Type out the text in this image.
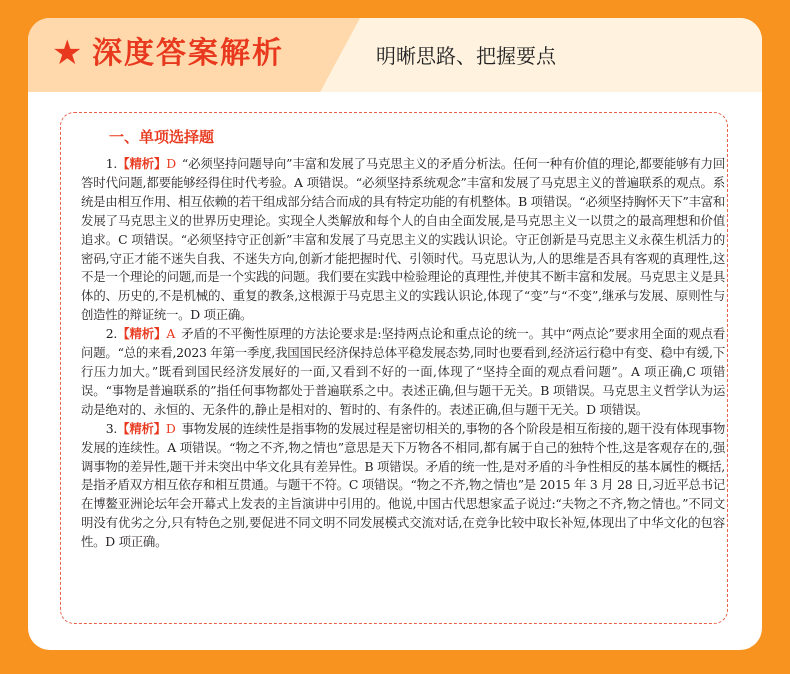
★ 深度答案解析	明晰思路、把握要点
一、单项选择题

1.【精析】D  “必须坚持问题导向”丰富和发展了马克思主义的矛盾分析法。任何一种有价值的理论,都要能够有力回答时代问题,都要能够经得住时代考验。A 项错误。“必须坚持系统观念”丰富和发展了马克思主义的普遍联系的观点。系统是由相互作用、相互依赖的若干组成部分结合而成的具有特定功能的有机整体。B 项错误。“必须坚持胸怀天下”丰富和发展了马克思主义的世界历史理论。实现全人类解放和每个人的自由全面发展,是马克思主义一以贯之的最高理想和价值追求。C 项错误。“必须坚持守正创新”丰富和发展了马克思主义的实践认识论。守正创新是马克思主义永葆生机活力的密码,守正才能不迷失自我、不迷失方向,创新才能把握时代、引领时代。马克思认为,人的思维是否具有客观的真理性,这不是一个理论的问题,而是一个实践的问题。我们要在实践中检验理论的真理性,并使其不断丰富和发展。马克思主义是具体的、历史的,不是机械的、重复的教条,这根源于马克思主义的实践认识论,体现了“变”与“不变”,继承与发展、原则性与创造性的辩证统一。D 项正确。

2.【精析】A  矛盾的不平衡性原理的方法论要求是:坚持两点论和重点论的统一。其中“两点论”要求用全面的观点看问题。“总的来看,2023 年第一季度,我国国民经济保持总体平稳发展态势,同时也要看到,经济运行稳中有变、稳中有缓,下行压力加大。”既看到国民经济发展好的一面,又看到不好的一面,体现了“坚持全面的观点看问题”。A 项正确,C 项错误。“事物是普遍联系的”指任何事物都处于普遍联系之中。表述正确,但与题干无关。B 项错误。马克思主义哲学认为运动是绝对的、永恒的、无条件的,静止是相对的、暂时的、有条件的。表述正确,但与题干无关。D 项错误。

3.【精析】D  事物发展的连续性是指事物的发展过程是密切相关的,事物的各个阶段是相互衔接的,题干没有体现事物发展的连续性。A 项错误。“物之不齐,物之情也”意思是天下万物各不相同,都有属于自己的独特个性,这是客观存在的,强调事物的差异性,题干并未突出中华文化具有差异性。B 项错误。矛盾的统一性,是对矛盾的斗争性相反的基本属性的概括,是指矛盾双方相互依存和相互贯通。与题干不符。C 项错误。“物之不齐,物之情也”是 2015 年 3 月 28 日,习近平总书记在博鳌亚洲论坛年会开幕式上发表的主旨演讲中引用的。他说,中国古代思想家孟子说过:“夫物之不齐,物之情也。”不同文明没有优劣之分,只有特色之别,要促进不同文明不同发展模式交流对话,在竞争比较中取长补短,体现出了中华文化的包容性。D 项正确。
